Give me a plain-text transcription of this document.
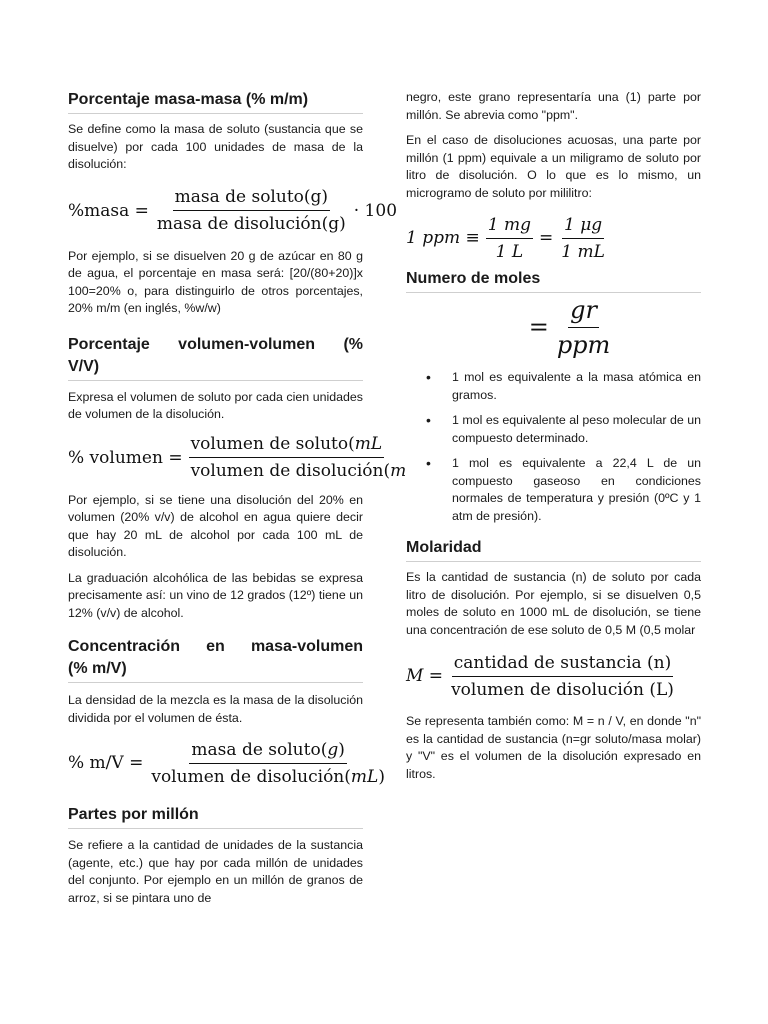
Porcentaje masa-masa (% m/m)

Se define como la masa de soluto (sustancia que se disuelve) por cada 100 unidades de masa de la disolución:

%masa = $\frac{\text{masa de soluto(g)}}{\text{masa de disolución(g)}} \cdot 100$

Por ejemplo, si se disuelven 20 g de azúcar en 80 g de agua, el porcentaje en masa será: [20/(80+20)]x 100=20% o, para distinguirlo de otros porcentajes, 20% m/m (en inglés, %w/w)

Porcentaje volumen-volumen (%
V/V)

Expresa el volumen de soluto por cada cien unidades de volumen de la disolución.

% volumen = $\frac{\text{volumen de soluto(mL}}{\text{volumen de disolución(m}}$

Por ejemplo, si se tiene una disolución del 20% en volumen (20% v/v) de alcohol en agua quiere decir que hay 20 mL de alcohol por cada 100 mL de disolución.

La graduación alcohólica de las bebidas se expresa precisamente así: un vino de 12 grados (12º) tiene un 12% (v/v) de alcohol.

Concentración en masa-volumen
(% m/V)

La densidad de la mezcla es la masa de la disolución dividida por el volumen de ésta.

% $m/V = \frac{\text{masa de soluto(g)}}{\text{volumen de disolución(mL)}}$
Partes por millón

Se refiere a la cantidad de unidades de la sustancia (agente, etc.) que hay por cada millón de unidades del conjunto. Por ejemplo en un millón de granos de arroz, si se pintara uno de

negro, este grano representaría una (1) parte por millón. Se abrevia como "ppm".

En el caso de disoluciones acuosas, una parte por millón (1 ppm) equivale a un miligramo de soluto por litro de disolución. O lo que es lo mismo, un microgramo de soluto por mililitro:

1 ppm ≡ $\frac{1 mg}{1 L} = \frac{1 \mu g}{1 mL}$
Numero de moles
= $\frac{gr}{\text{ppm}}$
• 1 mol es equivalente a la masa atómica en gramos.
• 1 mol es equivalente al peso molecular de un compuesto determinado.
• 1 mol es equivalente a 22,4 L de un compuesto gaseoso en condiciones normales de temperatura y presión (0ºC y 1 atm de presión).
Molaridad

Es la cantidad de sustancia (n) de soluto por cada litro de disolución. Por ejemplo, si se disuelven 0,5 moles de soluto en 1000 mL de disolución, se tiene una concentración de ese soluto de 0,5 M (0,5 molar

$M = \frac{\text{cantidad de sustancia (n)}}{\text{volumen de disolución (L)}}$

Se representa también como: M = n / V, en donde "n" es la cantidad de sustancia (n=gr soluto/masa molar) y "V" es el volumen de la disolución expresado en litros.
